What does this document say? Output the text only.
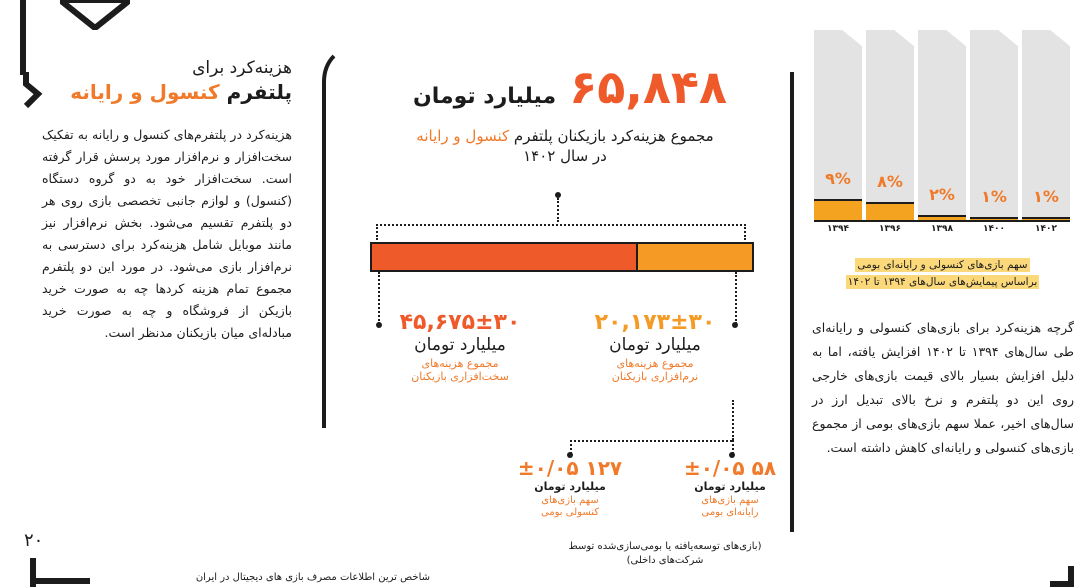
هزینه‌کرد برای
پلتفرم کنسول و رایانه
هزینه‌کرد در پلتفرم‌های کنسول و رایانه به تفکیک سخت‌افزار و نرم‌افزار مورد پرسش قرار گرفته است. سخت‌افزار خود به دو گروه دستگاه (کنسول) و لوازم جانبی تخصصی بازی روی هر دو پلتفرم تقسیم می‌شود. بخش نرم‌افزار نیز مانند موبایل شامل هزینه‌کرد برای دسترسی به نرم‌افزار بازی می‌شود. در مورد این دو پلتفرم مجموع تمام هزینه کردها چه به صورت خرید بازیکن از فروشگاه و چه به صورت خرید مبادله‌ای میان بازیکنان مدنظر است.
۲۰
شاخص ترین اطلاعات مصرف بازی های دیجیتال در ایران
۶۵,۸۴۸ میلیارد تومان
مجموع هزینه‌کرد بازیکنان پلتفرم کنسول و رایانه
در سال ۱۴۰۲
۴۵,۶۷۵±۳۰
میلیارد تومان
مجموع هزینه‌های سخت‌افزاری بازیکنان
۲۰,۱۷۳±۳۰
میلیارد تومان
مجموع هزینه‌های نرم‌افزاری بازیکنان
۱۲۷ ±۰/۰۵
میلیارد تومان
سهم بازی‌های کنسولی بومی
۵۸ ±۰/۰۵
میلیارد تومان
سهم بازی‌های رایانه‌ای بومی
(بازی‌های توسعه‌یافته یا بومی‌سازی‌شده توسط شرکت‌های داخلی)
۹%
۱۳۹۴
۸%
۱۳۹۶
۲%
۱۳۹۸
۱%
۱۴۰۰
۱%
۱۴۰۲
سهم بازی‌های کنسولی و رایانه‌ای بومی
براساس پیمایش‌های سال‌های ۱۳۹۴ تا ۱۴۰۲
گرچه هزینه‌کرد برای بازی‌های کنسولی و رایانه‌ای طی سال‌های ۱۳۹۴ تا ۱۴۰۲ افزایش یافته، اما به دلیل افزایش بسیار بالای قیمت بازی‌های خارجی روی این دو پلتفرم و نرخ بالای تبدیل ارز در سال‌های اخیر، عملا سهم بازی‌های بومی از مجموع بازی‌های کنسولی و رایانه‌ای کاهش داشته است.
